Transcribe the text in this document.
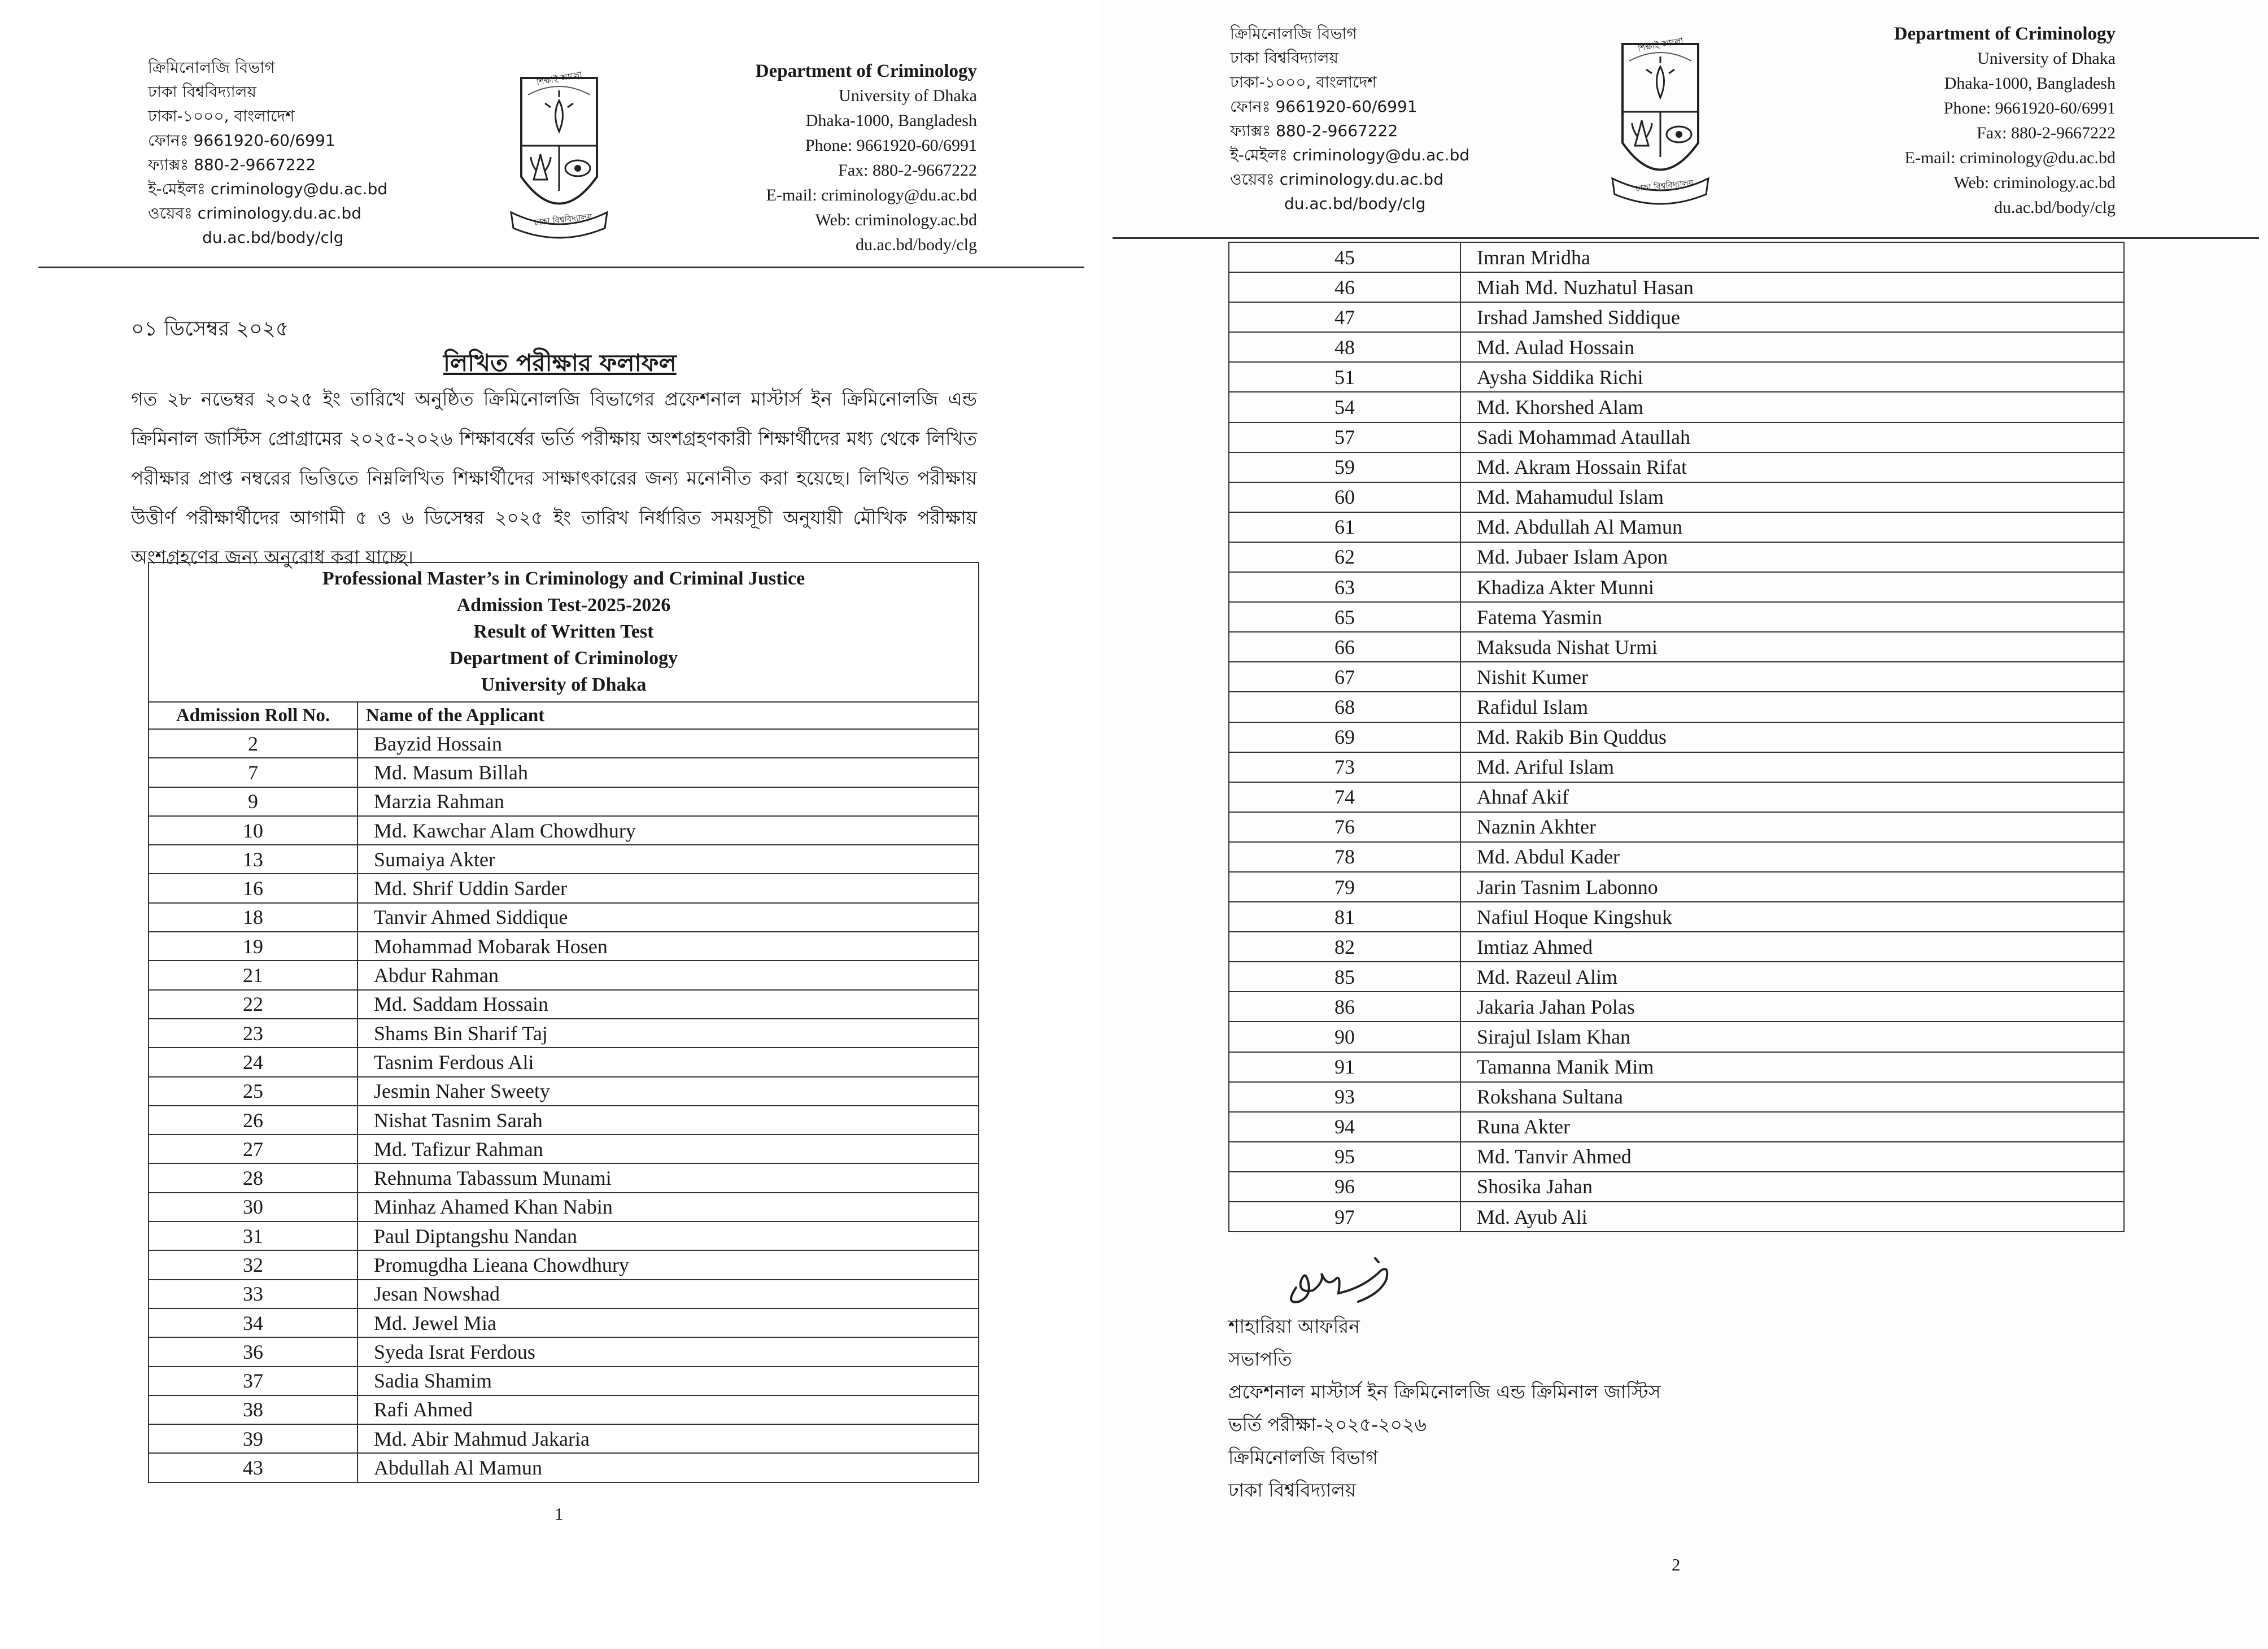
ক্রিমিনোলজি বিভাগ
ঢাকা বিশ্ববিদ্যালয়
ঢাকা-১০০০, বাংলাদেশ
ফোনঃ 9661920-60/6991
ফ্যাক্সঃ 880-2-9667222
ই-মেইলঃ criminology@du.ac.bd
ওয়েবঃ criminology.du.ac.bd
du.ac.bd/body/clg
ঢাকা বিশ্ববিদ্যালয়
শিক্ষাই আলো	Department of Criminology
University of Dhaka
Dhaka-1000, Bangladesh
Phone: 9661920-60/6991
Fax: 880-2-9667222
E-mail: criminology@du.ac.bd
Web: criminology.ac.bd
du.ac.bd/body/clg
০১ ডিসেম্বর ২০২৫
লিখিত পরীক্ষার ফলাফল
গত ২৮ নভেম্বর ২০২৫ ইং তারিখে অনুষ্ঠিত ক্রিমিনোলজি বিভাগের প্রফেশনাল মাস্টার্স ইন ক্রিমিনোলজি এন্ড ক্রিমিনাল জাস্টিস প্রোগ্রামের ২০২৫-২০২৬ শিক্ষাবর্ষের ভর্তি পরীক্ষায় অংশগ্রহণকারী শিক্ষার্থীদের মধ্য থেকে লিখিত পরীক্ষার প্রাপ্ত নম্বরের ভিত্তিতে নিম্নলিখিত শিক্ষার্থীদের সাক্ষাৎকারের জন্য মনোনীত করা হয়েছে। লিখিত পরীক্ষায় উত্তীর্ণ পরীক্ষার্থীদের আগামী ৫ ও ৬ ডিসেম্বর ২০২৫ ইং তারিখ নির্ধারিত সময়সূচী অনুযায়ী মৌখিক পরীক্ষায় অংশগ্রহণের জন্য অনুরোধ করা যাচ্ছে।
Professional Master’s in Criminology and Criminal Justice
Admission Test-2025-2026
Result of Written Test
Department of Criminology
University of Dhaka	

Admission Roll No.	Name of the Applicant
2	Bayzid Hossain
7	Md. Masum Billah
9	Marzia Rahman
10	Md. Kawchar Alam Chowdhury
13	Sumaiya Akter
16	Md. Shrif Uddin Sarder
18	Tanvir Ahmed Siddique
19	Mohammad Mobarak Hosen
21	Abdur Rahman
22	Md. Saddam Hossain
23	Shams Bin Sharif Taj
24	Tasnim Ferdous Ali
25	Jesmin Naher Sweety
26	Nishat Tasnim Sarah
27	Md. Tafizur Rahman
28	Rehnuma Tabassum Munami
30	Minhaz Ahamed Khan Nabin
31	Paul Diptangshu Nandan
32	Promugdha Lieana Chowdhury
33	Jesan Nowshad
34	Md. Jewel Mia
36	Syeda Israt Ferdous
37	Sadia Shamim
38	Rafi Ahmed
39	Md. Abir Mahmud Jakaria
43	Abdullah Al Mamun
1
ক্রিমিনোলজি বিভাগ
ঢাকা বিশ্ববিদ্যালয়
ঢাকা-১০০০, বাংলাদেশ
ফোনঃ 9661920-60/6991
ফ্যাক্সঃ 880-2-9667222
ই-মেইলঃ criminology@du.ac.bd
ওয়েবঃ criminology.du.ac.bd
du.ac.bd/body/clg
ঢাকা বিশ্ববিদ্যালয়
শিক্ষাই আলো
Department of Criminology
University of Dhaka
Dhaka-1000, Bangladesh
Phone: 9661920-60/6991
Fax: 880-2-9667222
E-mail: criminology@du.ac.bd
Web: criminology.ac.bd
du.ac.bd/body/clg
45	Imran Mridha
46	Miah Md. Nuzhatul Hasan
47	Irshad Jamshed Siddique
48	Md. Aulad Hossain
51	Aysha Siddika Richi
54	Md. Khorshed Alam
57	Sadi Mohammad Ataullah
59	Md. Akram Hossain Rifat
60	Md. Mahamudul Islam
61	Md. Abdullah Al Mamun
62	Md. Jubaer Islam Apon
63	Khadiza Akter Munni
65	Fatema Yasmin
66	Maksuda Nishat Urmi
67	Nishit Kumer
68	Rafidul Islam
69	Md. Rakib Bin Quddus
73	Md. Ariful Islam
74	Ahnaf Akif
76	Naznin Akhter
78	Md. Abdul Kader
79	Jarin Tasnim Labonno
81	Nafiul Hoque Kingshuk
82	Imtiaz Ahmed
85	Md. Razeul Alim
86	Jakaria Jahan Polas
90	Sirajul Islam Khan
91	Tamanna Manik Mim
93	Rokshana Sultana
94	Runa Akter
95	Md. Tanvir Ahmed
96	Shosika Jahan
97	Md. Ayub Ali
শাহারিয়া আফরিন
সভাপতি
প্রফেশনাল মাস্টার্স ইন ক্রিমিনোলজি এন্ড ক্রিমিনাল জাস্টিস
ভর্তি পরীক্ষা-২০২৫-২০২৬
ক্রিমিনোলজি বিভাগ
ঢাকা বিশ্ববিদ্যালয়
2
